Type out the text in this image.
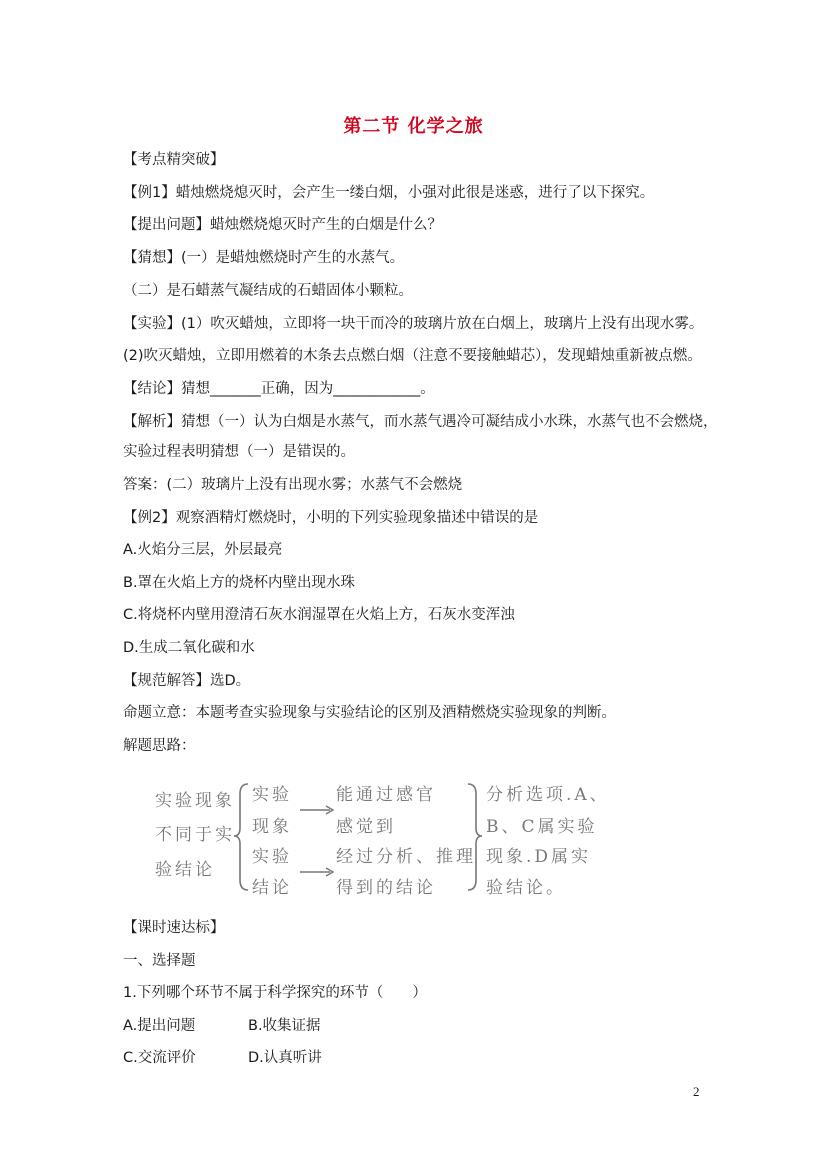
第二节 化学之旅
【考点精突破】
【例1】蜡烛燃烧熄灭时，会产生一缕白烟，小强对此很是迷惑，进行了以下探究。
【提出问题】蜡烛燃烧熄灭时产生的白烟是什么？
【猜想】(一）是蜡烛燃烧时产生的水蒸气。
（二）是石蜡蒸气凝结成的石蜡固体小颗粒。
【实验】(1）吹灭蜡烛，立即将一块干而冷的玻璃片放在白烟上，玻璃片上没有出现水雾。
(2)吹灭蜡烛，立即用燃着的木条去点燃白烟（注意不要接触蜡芯），发现蜡烛重新被点燃。
【结论】猜想_______正确，因为____________。
【解析】猜想（一）认为白烟是水蒸气，而水蒸气遇冷可凝结成小水珠，水蒸气也不会燃烧，
实验过程表明猜想（一）是错误的。
答案：(二）玻璃片上没有出现水雾；水蒸气不会燃烧
【例2】观察酒精灯燃烧时，小明的下列实验现象描述中错误的是
A.火焰分三层，外层最亮
B.罩在火焰上方的烧杯内壁出现水珠
C.将烧杯内壁用澄清石灰水润湿罩在火焰上方，石灰水变浑浊
D.生成二氧化碳和水
【规范解答】选D。
命题立意：本题考查实验现象与实验结论的区别及酒精燃烧实验现象的判断。
解题思路：
实验现象
不同于实
验结论
实验
现象
实验
结论
能通过感官
感觉到
经过分析、推理
得到的结论
分析选项.A、
B、C属实验
现象.D属实
验结论。
【课时速达标】
一、选择题
1.下列哪个环节不属于科学探究的环节（　　）
A.提出问题	B.收集证据
C.交流评价	D.认真听讲
2
